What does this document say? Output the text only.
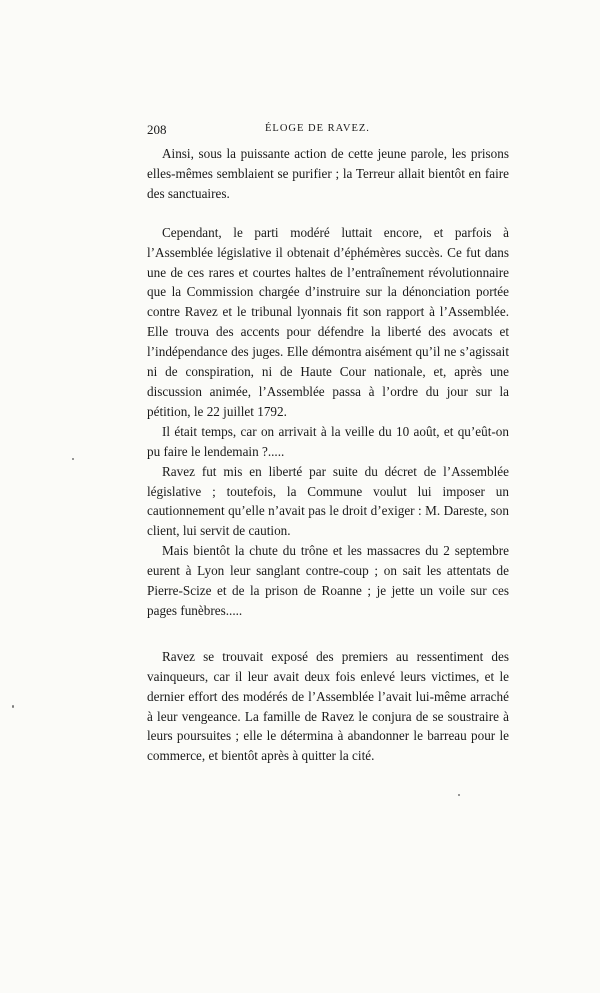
208	ÉLOGE DE RAVEZ.

Ainsi, sous la puissante action de cette jeune parole, les prisons elles-mêmes semblaient se purifier ; la Terreur allait bientôt en faire des sanctuaires.

Cependant, le parti modéré luttait encore, et parfois à l’Assemblée législative il obtenait d’éphémères succès. Ce fut dans une de ces rares et courtes haltes de l’entraînement révolutionnaire que la Commission chargée d’instruire sur la dénonciation portée contre Ravez et le tribunal lyonnais fit son rapport à l’Assemblée. Elle trouva des accents pour défendre la liberté des avocats et l’indépendance des juges. Elle démontra aisément qu’il ne s’agissait ni de conspiration, ni de Haute Cour nationale, et, après une discussion animée, l’Assemblée passa à l’ordre du jour sur la pétition, le 22 juillet 1792.

Il était temps, car on arrivait à la veille du 10 août, et qu’eût-on pu faire le lendemain ?.....

Ravez fut mis en liberté par suite du décret de l’Assemblée législative ; toutefois, la Commune voulut lui imposer un cautionnement qu’elle n’avait pas le droit d’exiger : M. Dareste, son client, lui servit de caution.

Mais bientôt la chute du trône et les massacres du 2 septembre eurent à Lyon leur sanglant contre-coup ; on sait les attentats de Pierre-Scize et de la prison de Roanne ; je jette un voile sur ces pages funèbres.....

Ravez se trouvait exposé des premiers au ressentiment des vainqueurs, car il leur avait deux fois enlevé leurs victimes, et le dernier effort des modérés de l’Assemblée l’avait lui-même arraché à leur vengeance. La famille de Ravez le conjura de se soustraire à leurs poursuites ; elle le détermina à abandonner le barreau pour le commerce, et bientôt après à quitter la cité.
